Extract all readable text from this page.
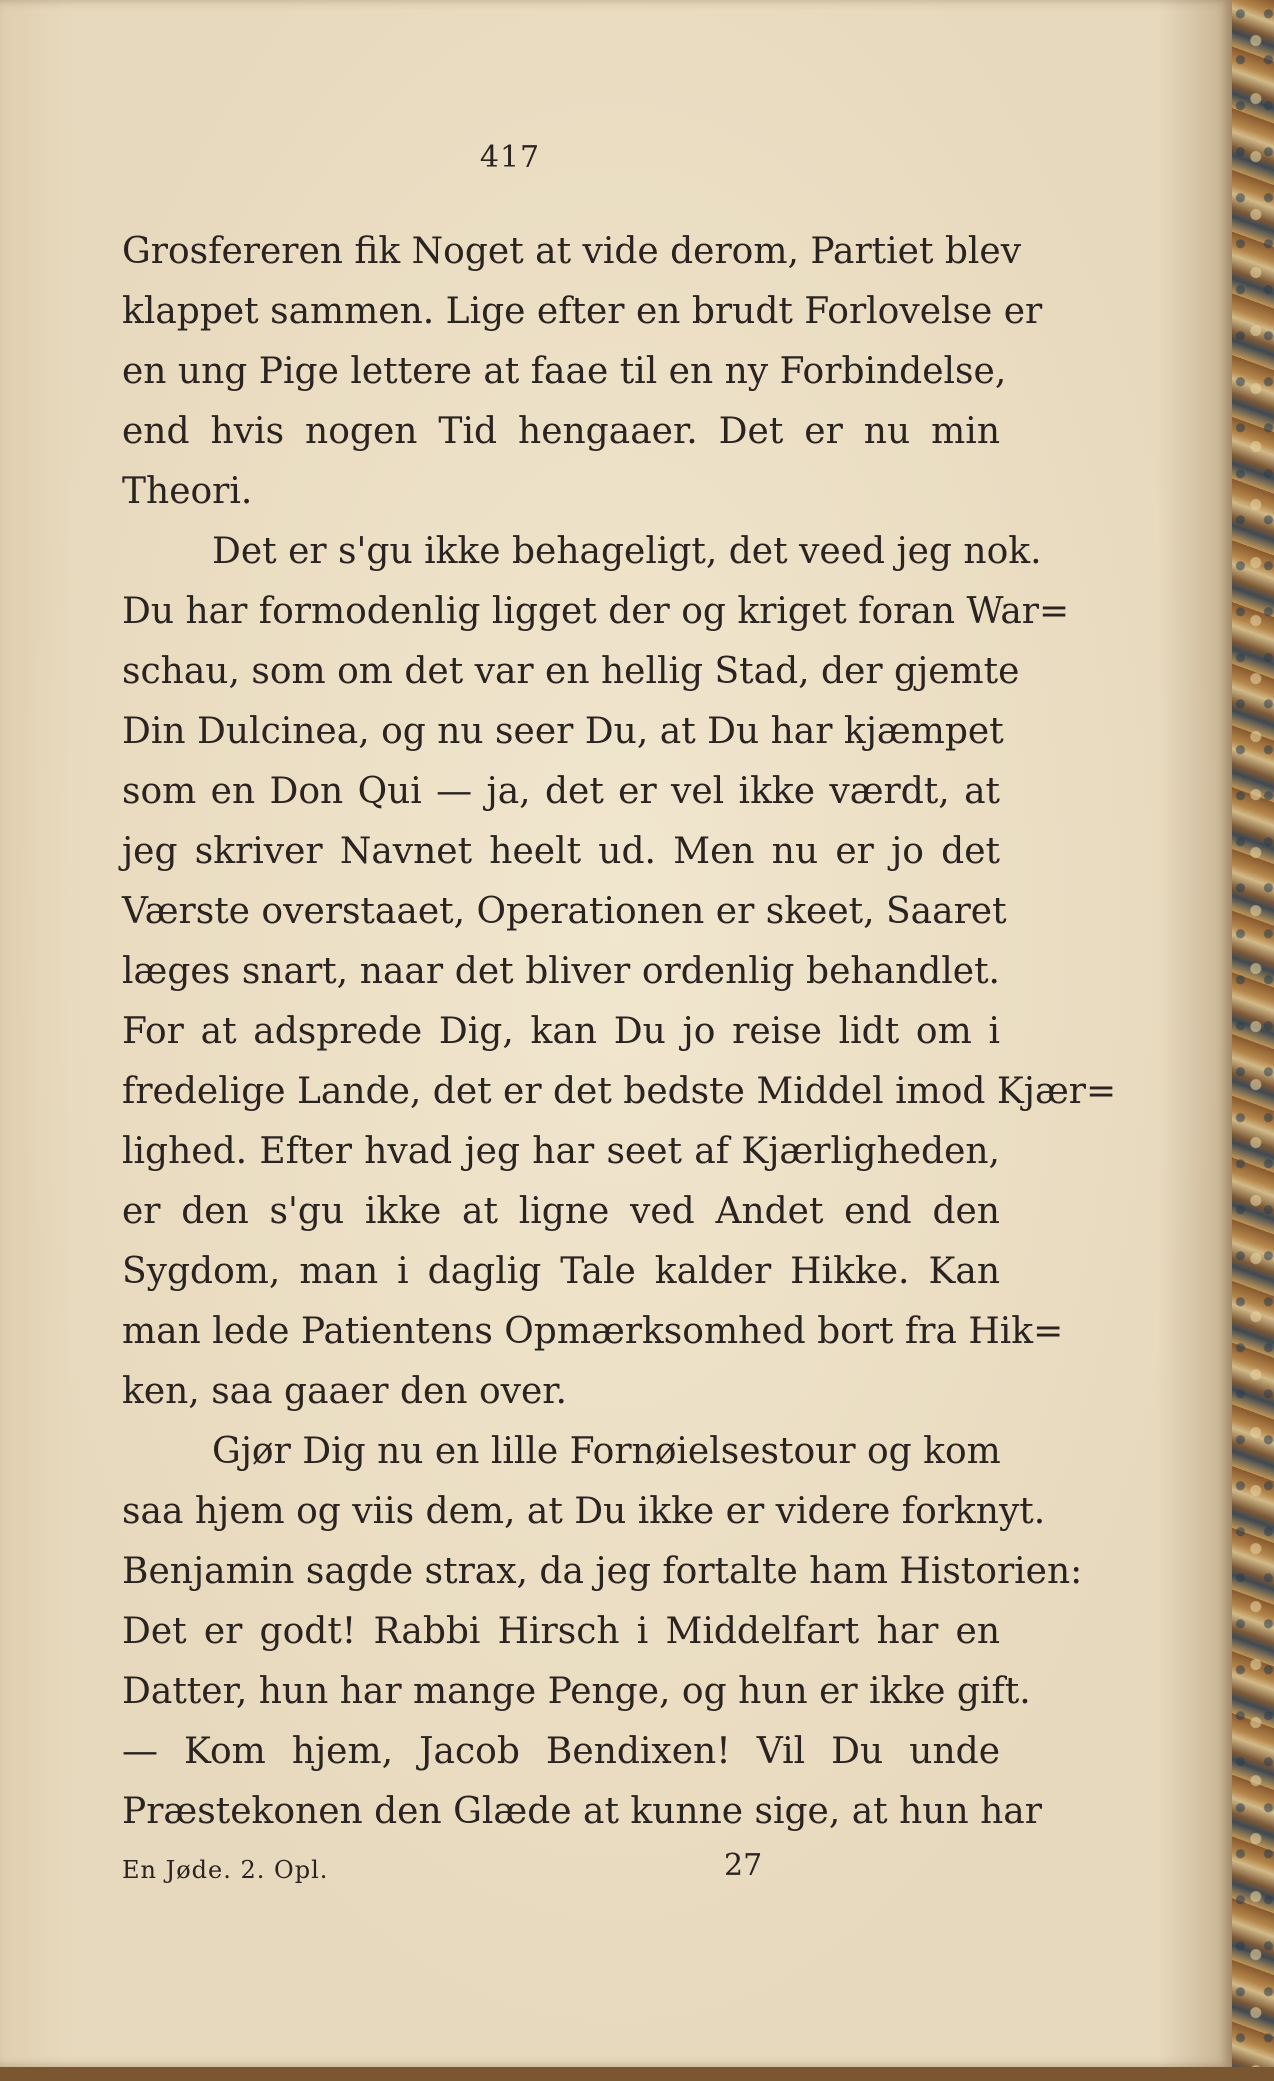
417
Grosfereren fik Noget at vide derom, Partiet blev
klappet sammen. Lige efter en brudt Forlovelse er
en ung Pige lettere at faae til en ny Forbindelse,
end hvis nogen Tid hengaaer. Det er nu min
Theori.
Det er s'gu ikke behageligt, det veed jeg nok.
Du har formodenlig ligget der og kriget foran War=
schau, som om det var en hellig Stad, der gjemte
Din Dulcinea, og nu seer Du, at Du har kjæmpet
som en Don Qui — ja, det er vel ikke værdt, at
jeg skriver Navnet heelt ud. Men nu er jo det
Værste overstaaet, Operationen er skeet, Saaret
læges snart, naar det bliver ordenlig behandlet.
For at adsprede Dig, kan Du jo reise lidt om i
fredelige Lande, det er det bedste Middel imod Kjær=
lighed. Efter hvad jeg har seet af Kjærligheden,
er den s'gu ikke at ligne ved Andet end den
Sygdom, man i daglig Tale kalder Hikke. Kan
man lede Patientens Opmærksomhed bort fra Hik=
ken, saa gaaer den over.
Gjør Dig nu en lille Fornøielsestour og kom
saa hjem og viis dem, at Du ikke er videre forknyt.
Benjamin sagde strax, da jeg fortalte ham Historien:
Det er godt! Rabbi Hirsch i Middelfart har en
Datter, hun har mange Penge, og hun er ikke gift.
— Kom hjem, Jacob Bendixen! Vil Du unde
Præstekonen den Glæde at kunne sige, at hun har
En Jøde. 2. Opl.	27
